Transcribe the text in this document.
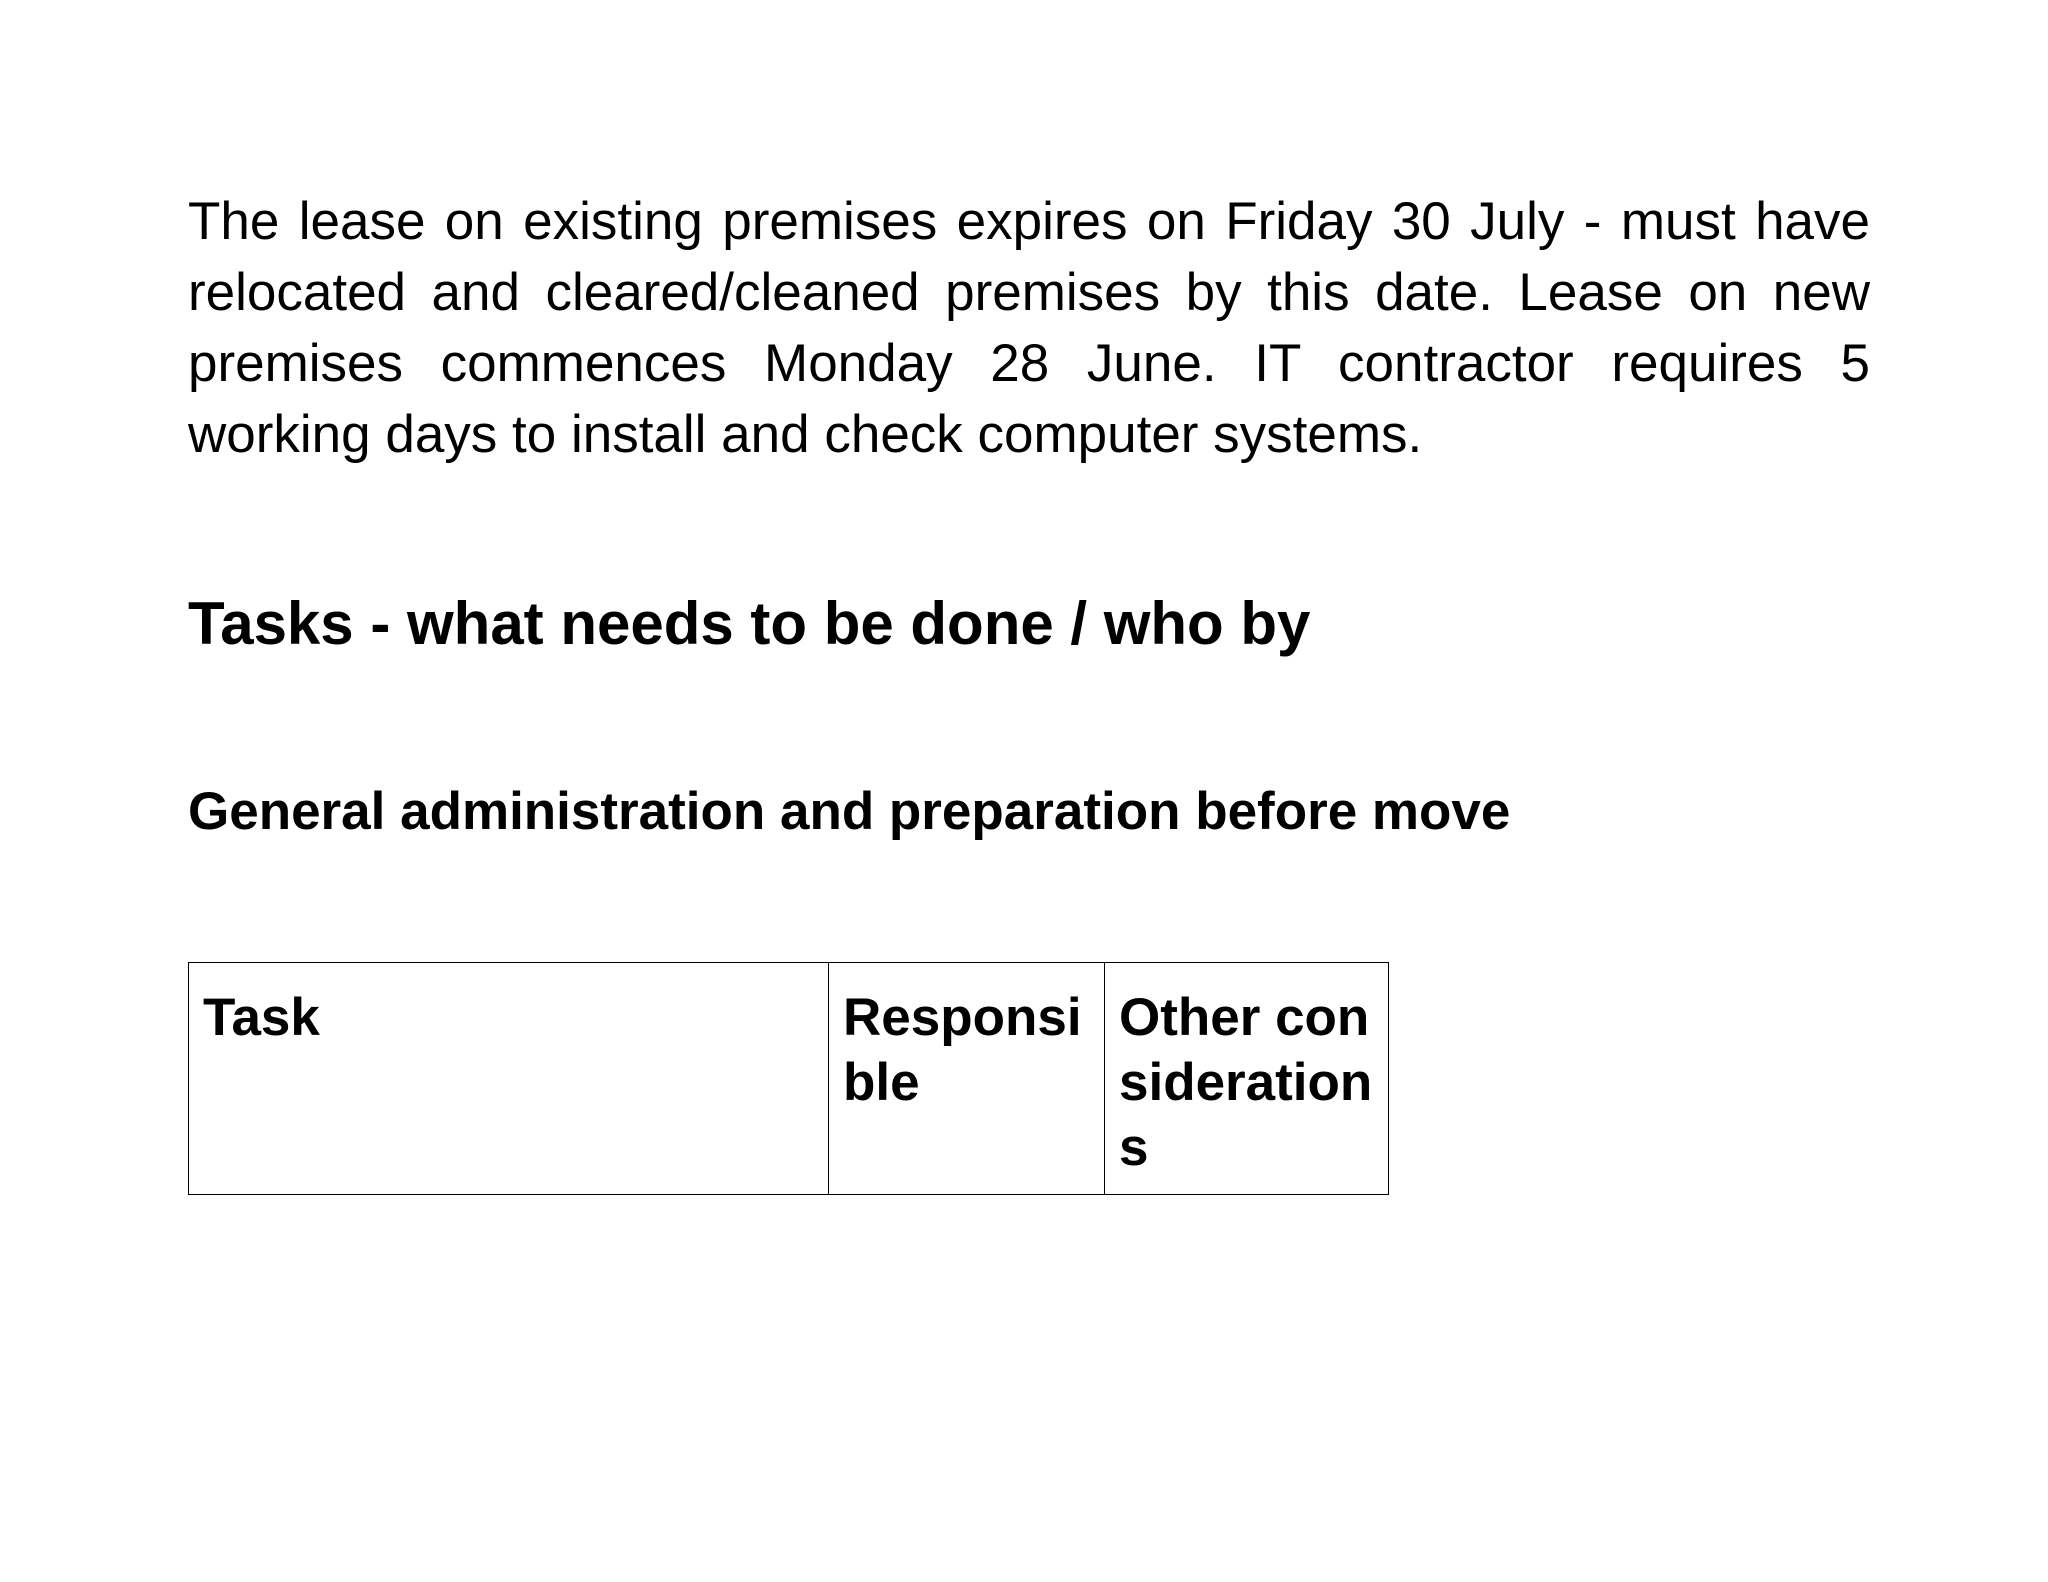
The lease on existing premises expires on Friday 30 July - must have relocated and cleared/cleaned premises by this date. Lease on new premises commences Monday 28 June. IT contractor requires 5 working days to install and check computer systems.

Tasks - what needs to be done / who by
General administration and preparation before move
Task	Responsible	Other considerations
